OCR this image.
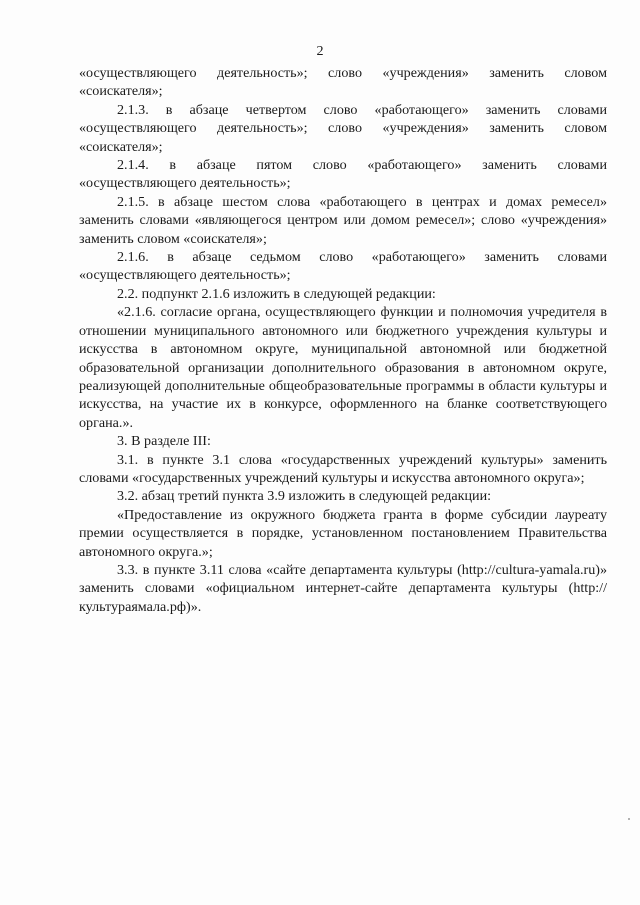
2

«осуществляющего деятельность»; слово «учреждения» заменить словом «соискателя»;

2.1.3. в абзаце четвертом слово «работающего» заменить словами «осуществляющего деятельность»; слово «учреждения» заменить словом «соискателя»;

2.1.4. в абзаце пятом слово «работающего» заменить словами «осуществляющего деятельность»;

2.1.5. в абзаце шестом слова «работающего в центрах и домах ремесел» заменить словами «являющегося центром или домом ремесел»; слово «учреждения» заменить словом «соискателя»;

2.1.6. в абзаце седьмом слово «работающего» заменить словами «осуществляющего деятельность»;

2.2. подпункт 2.1.6 изложить в следующей редакции:

«2.1.6. согласие органа, осуществляющего функции и полномочия учредителя в отношении муниципального автономного или бюджетного учреждения культуры и искусства в автономном округе, муниципальной автономной или бюджетной образовательной организации дополнительного образования в автономном округе, реализующей дополнительные общеобразовательные программы в области культуры и искусства, на участие их в конкурсе, оформленного на бланке соответствующего органа.».

3. В разделе III:

3.1. в пункте 3.1 слова «государственных учреждений культуры» заменить словами «государственных учреждений культуры и искусства автономного округа»;

3.2. абзац третий пункта 3.9 изложить в следующей редакции:

«Предоставление из окружного бюджета гранта в форме субсидии лауреату премии осуществляется в порядке, установленном постановлением Правительства автономного округа.»;

3.3. в пункте 3.11 слова «сайте департамента культуры (http://cultura-yamala.ru)» заменить словами «официальном интернет-сайте департамента культуры (http://культураямала.рф)».
